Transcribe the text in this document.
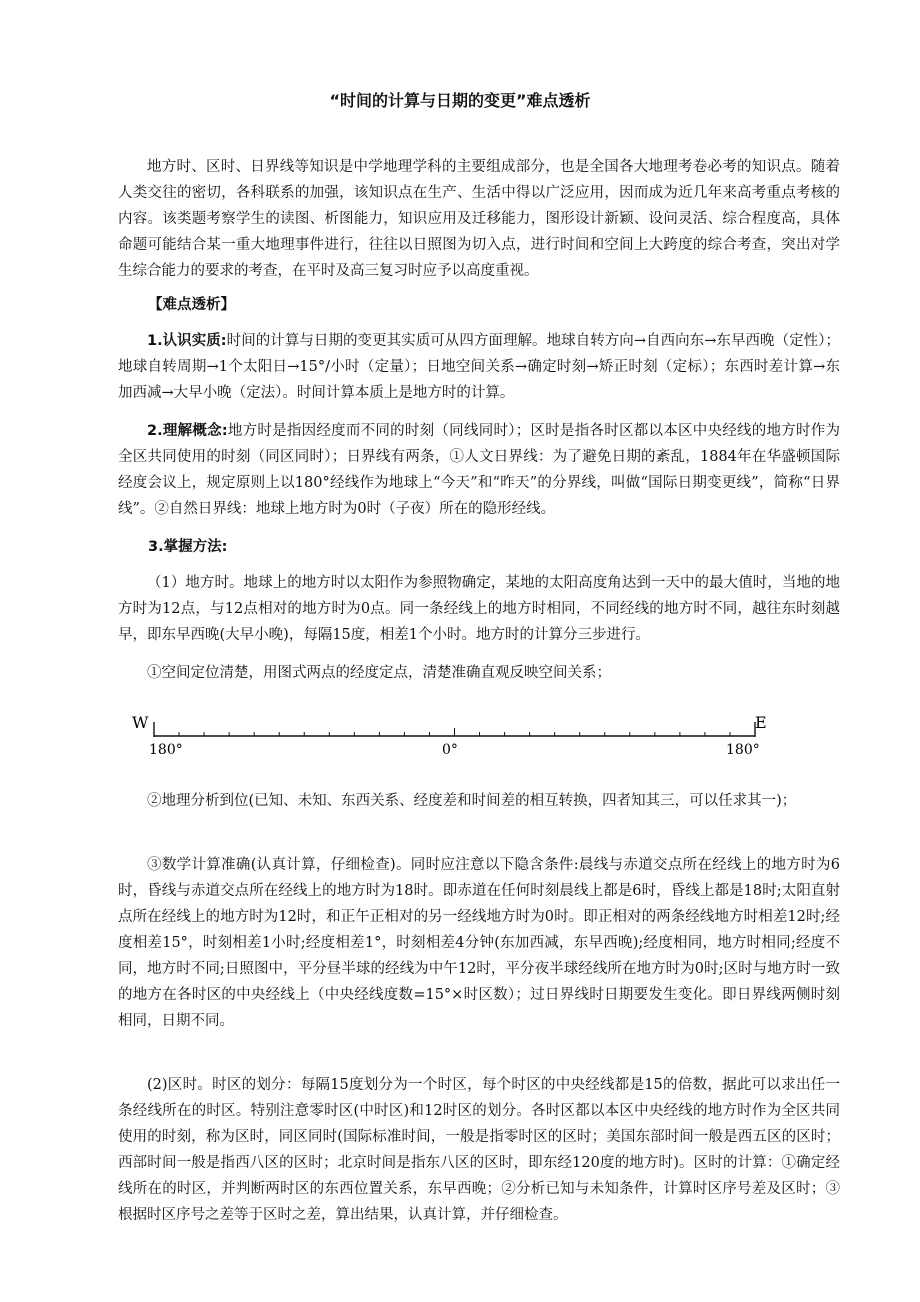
“时间的计算与日期的变更”难点透析

地方时、区时、日界线等知识是中学地理学科的主要组成部分，也是全国各大地理考卷必考的知识点。随着人类交往的密切，各科联系的加强，该知识点在生产、生活中得以广泛应用，因而成为近几年来高考重点考核的内容。该类题考察学生的读图、析图能力，知识应用及迁移能力，图形设计新颖、设问灵活、综合程度高，具体命题可能结合某一重大地理事件进行，往往以日照图为切入点，进行时间和空间上大跨度的综合考查，突出对学生综合能力的要求的考查，在平时及高三复习时应予以高度重视。

【难点透析】

1.认识实质:时间的计算与日期的变更其实质可从四方面理解。地球自转方向→自西向东→东早西晚（定性）；地球自转周期→1个太阳日→15°/小时（定量）；日地空间关系→确定时刻→矫正时刻（定标）；东西时差计算→东加西减→大早小晚（定法）。时间计算本质上是地方时的计算。

2.理解概念:地方时是指因经度而不同的时刻（同线同时）；区时是指各时区都以本区中央经线的地方时作为全区共同使用的时刻（同区同时）；日界线有两条，①人文日界线：为了避免日期的紊乱，1884年在华盛顿国际经度会议上，规定原则上以180°经线作为地球上“今天”和“昨天”的分界线，叫做“国际日期变更线”，简称“日界线”。②自然日界线：地球上地方时为0时（子夜）所在的隐形经线。

3.掌握方法:

（1）地方时。地球上的地方时以太阳作为参照物确定，某地的太阳高度角达到一天中的最大值时，当地的地方时为12点，与12点相对的地方时为0点。同一条经线上的地方时相同，不同经线的地方时不同，越往东时刻越早，即东早西晚(大早小晚)，每隔15度，相差1个小时。地方时的计算分三步进行。

①空间定位清楚，用图式两点的经度定点，清楚准确直观反映空间关系；

W	E
180°	0°	180°

②地理分析到位(已知、未知、东西关系、经度差和时间差的相互转换，四者知其三，可以任求其一)；

③数学计算准确(认真计算，仔细检查)。同时应注意以下隐含条件:晨线与赤道交点所在经线上的地方时为6时，昏线与赤道交点所在经线上的地方时为18时。即赤道在任何时刻晨线上都是6时，昏线上都是18时;太阳直射点所在经线上的地方时为12时，和正午正相对的另一经线地方时为0时。即正相对的两条经线地方时相差12时;经度相差15°，时刻相差1小时;经度相差1°，时刻相差4分钟(东加西减，东早西晚);经度相同，地方时相同;经度不同，地方时不同;日照图中，平分昼半球的经线为中午12时，平分夜半球经线所在地方时为0时;区时与地方时一致的地方在各时区的中央经线上（中央经线度数=15°×时区数）；过日界线时日期要发生变化。即日界线两侧时刻相同，日期不同。

(2)区时。时区的划分：每隔15度划分为一个时区，每个时区的中央经线都是15的倍数，据此可以求出任一条经线所在的时区。特别注意零时区(中时区)和12时区的划分。各时区都以本区中央经线的地方时作为全区共同使用的时刻，称为区时，同区同时(国际标准时间，一般是指零时区的区时；美国东部时间一般是西五区的区时；西部时间一般是指西八区的区时；北京时间是指东八区的区时，即东经120度的地方时)。区时的计算：①确定经线所在的时区，并判断两时区的东西位置关系，东早西晚；②分析已知与未知条件，计算时区序号差及区时；③根据时区序号之差等于区时之差，算出结果，认真计算，并仔细检查。
